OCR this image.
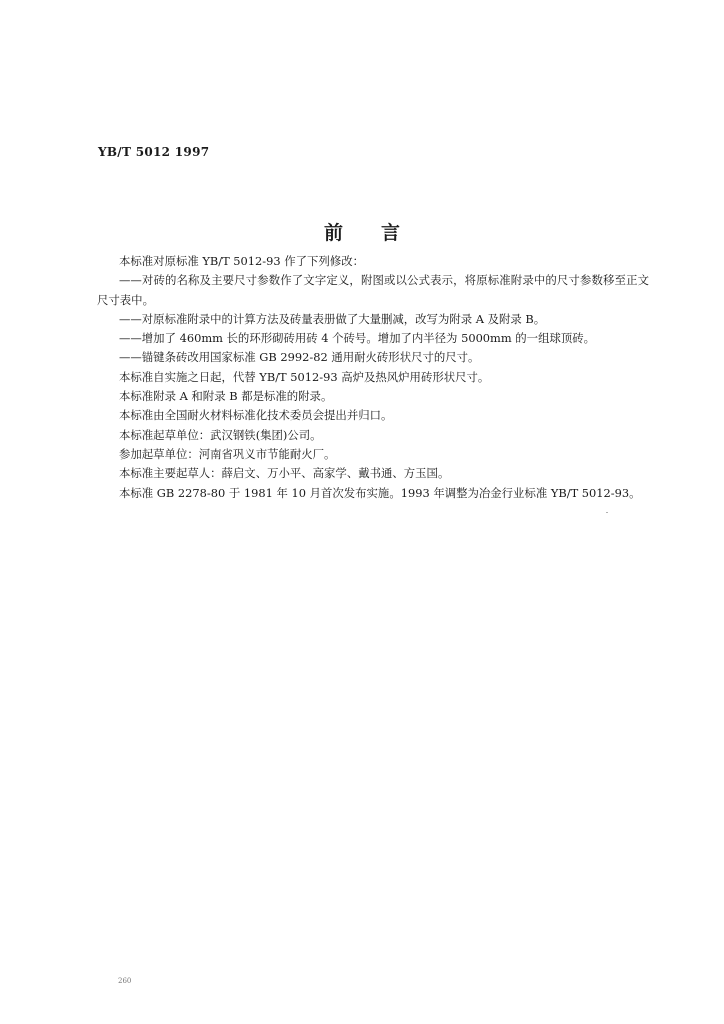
YB/T 5012 1997
前言

本标准对原标准 YB/T 5012-93 作了下列修改：

——对砖的名称及主要尺寸参数作了文字定义，附图或以公式表示，将原标准附录中的尺寸参数移至正文尺寸表中。

——对原标准附录中的计算方法及砖量表册做了大量删减，改写为附录 A 及附录 B。

——增加了 460mm 长的环形砌砖用砖 4 个砖号。增加了内半径为 5000mm 的一组球顶砖。

——锚键条砖改用国家标准 GB 2992-82 通用耐火砖形状尺寸的尺寸。

本标准自实施之日起，代替 YB/T 5012-93 高炉及热风炉用砖形状尺寸。

本标准附录 A 和附录 B 都是标准的附录。

本标准由全国耐火材料标准化技术委员会提出并归口。

本标准起草单位：武汉钢铁(集团)公司。

参加起草单位：河南省巩义市节能耐火厂。

本标准主要起草人：薛启文、万小平、高家学、戴书通、方玉国。

本标准 GB 2278-80 于 1981 年 10 月首次发布实施。1993 年调整为冶金行业标准 YB/T 5012-93。

260
